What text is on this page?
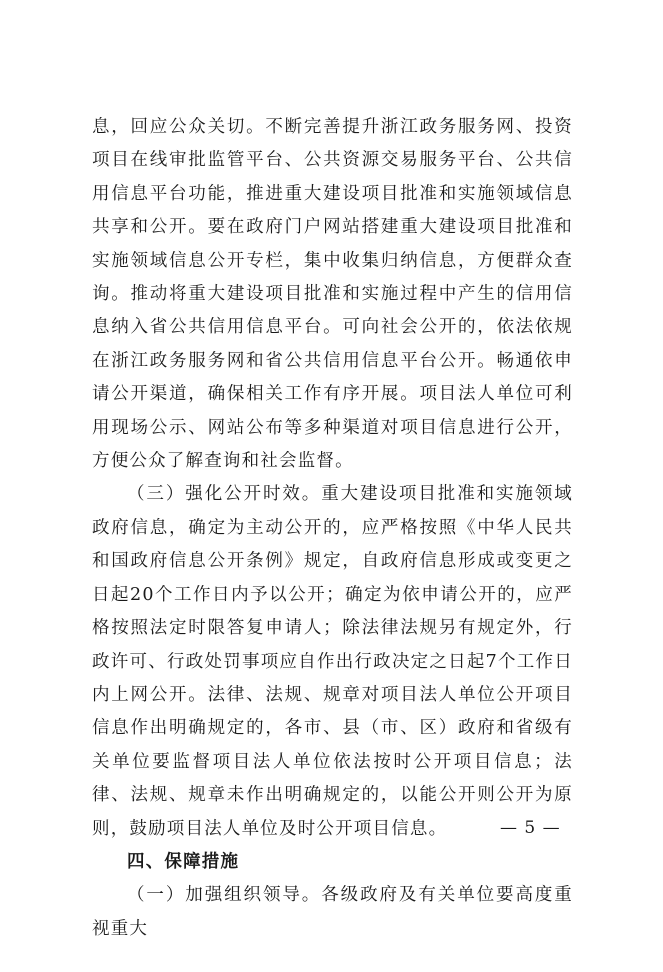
息，回应公众关切。不断完善提升浙江政务服务网、投资项目在线审批监管平台、公共资源交易服务平台、公共信用信息平台功能，推进重大建设项目批准和实施领域信息共享和公开。要在政府门户网站搭建重大建设项目批准和实施领域信息公开专栏，集中收集归纳信息，方便群众查询。推动将重大建设项目批准和实施过程中产生的信用信息纳入省公共信用信息平台。可向社会公开的，依法依规在浙江政务服务网和省公共信用信息平台公开。畅通依申请公开渠道，确保相关工作有序开展。项目法人单位可利用现场公示、网站公布等多种渠道对项目信息进行公开，方便公众了解查询和社会监督。

（三）强化公开时效。重大建设项目批准和实施领域政府信息，确定为主动公开的，应严格按照《中华人民共和国政府信息公开条例》规定，自政府信息形成或变更之日起20个工作日内予以公开；确定为依申请公开的，应严格按照法定时限答复申请人；除法律法规另有规定外，行政许可、行政处罚事项应自作出行政决定之日起7个工作日内上网公开。法律、法规、规章对项目法人单位公开项目信息作出明确规定的，各市、县（市、区）政府和省级有关单位要监督项目法人单位依法按时公开项目信息；法律、法规、规章未作出明确规定的，以能公开则公开为原则，鼓励项目法人单位及时公开项目信息。

四、保障措施

（一）加强组织领导。各级政府及有关单位要高度重视重大

— 5 —
